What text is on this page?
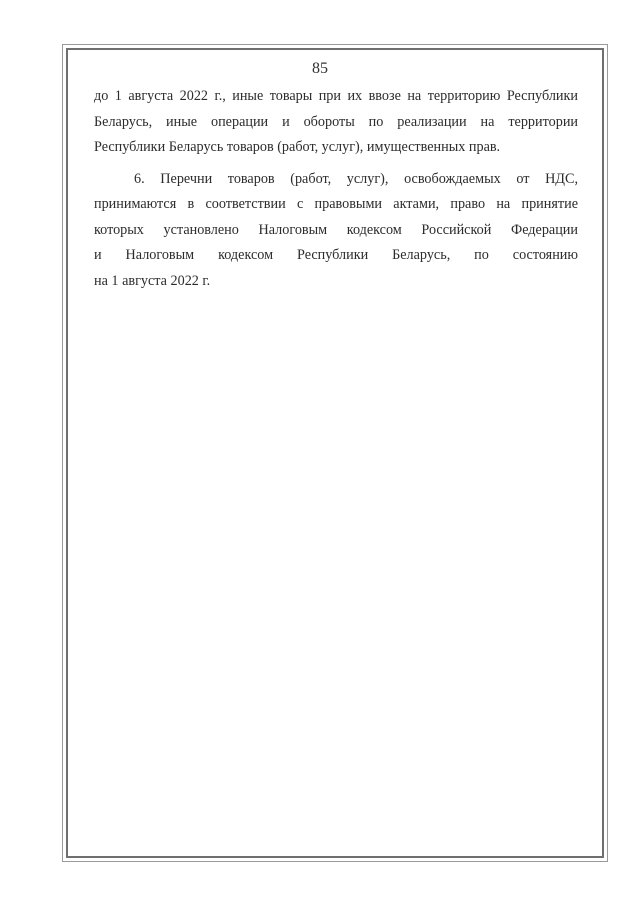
85
до 1 августа 2022 г., иные товары при их ввозе на территорию Республики
Беларусь, иные операции и обороты по реализации на территории
Республики Беларусь товаров (работ, услуг), имущественных прав.
6. Перечни товаров (работ, услуг), освобождаемых от НДС,
принимаются в соответствии с правовыми актами, право на принятие
которых установлено Налоговым кодексом Российской Федерации
и Налоговым кодексом Республики Беларусь, по состоянию
на 1 августа 2022 г.
